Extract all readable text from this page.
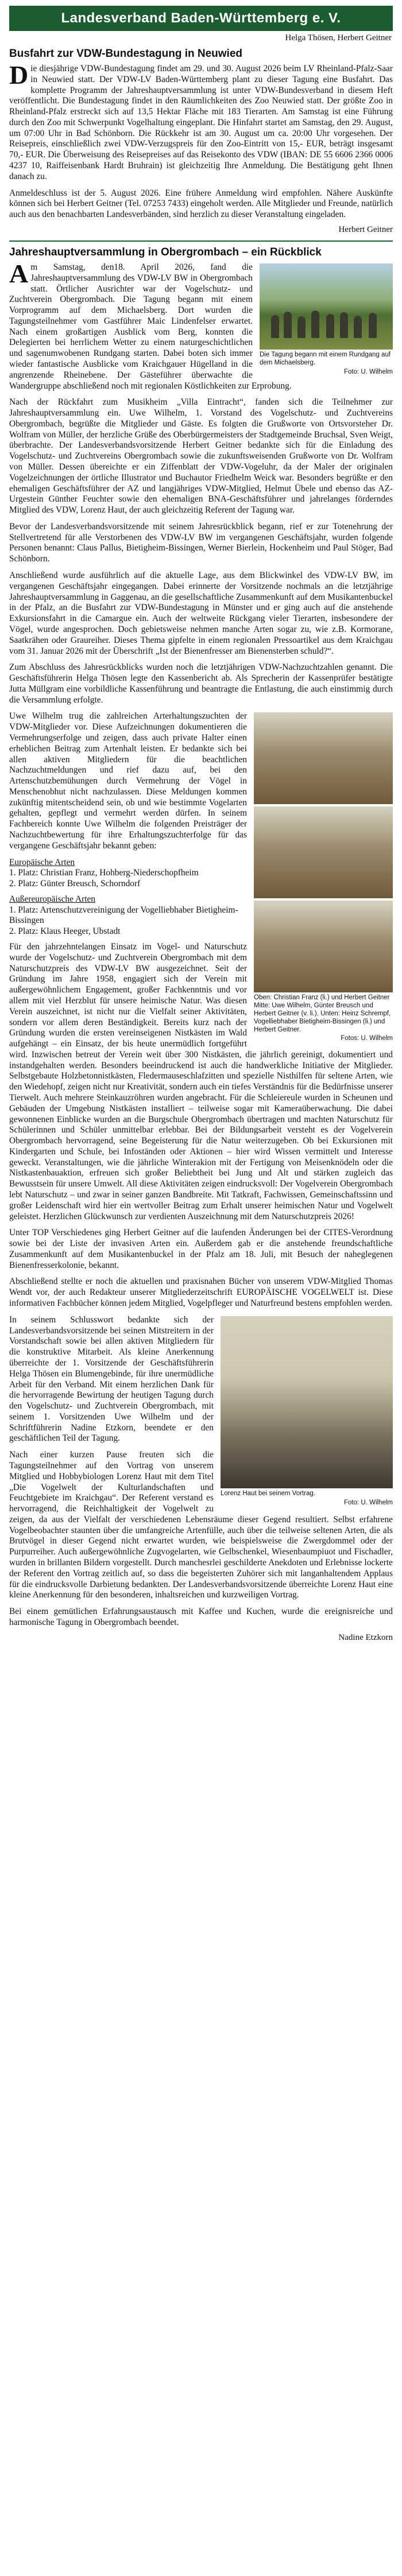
Landesverband Baden-Württemberg e. V.
Helga Thösen, Herbert Geitner
Busfahrt zur VDW-Bundestagung in Neuwied

Die diesjährige VDW-Bundestagung findet am 29. und 30. August 2026 beim LV Rheinland-Pfalz-Saar in Neuwied statt. Der VDW-LV Baden-Württemberg plant zu dieser Tagung eine Busfahrt. Das komplette Programm der Jahreshauptversammlung ist unter VDW-Bundesverband in diesem Heft veröffentlicht. Die Bundestagung findet in den Räumlichkeiten des Zoo Neuwied statt. Der größte Zoo in Rheinland-Pfalz erstreckt sich auf 13,5 Hektar Fläche mit 183 Tierarten. Am Samstag ist eine Führung durch den Zoo mit Schwerpunkt Vogelhaltung eingeplant. Die Hinfahrt startet am Samstag, den 29. August, um 07:00 Uhr in Bad Schönborn. Die Rückkehr ist am 30. August um ca. 20:00 Uhr vorgesehen. Der Reisepreis, einschließlich zwei VDW-Verzugspreis für den Zoo-Eintritt von 15,- EUR, beträgt insgesamt 70,- EUR. Die Überweisung des Reisepreises auf das Reisekonto des VDW (IBAN: DE 55 6606 2366 0006 4237 10, Raiffeisenbank Hardt Bruhrain) ist gleichzeitig Ihre Anmeldung. Die Bestätigung geht Ihnen danach zu.

Anmeldeschluss ist der 5. August 2026. Eine frühere Anmeldung wird empfohlen. Nähere Auskünfte können sich bei Herbert Geitner (Tel. 07253 7433) eingeholt werden. Alle Mitglieder und Freunde, natürlich auch aus den benachbarten Landesverbänden, sind herzlich zu dieser Veranstaltung eingeladen.

Herbert Geitner
Jahreshauptversammlung in Obergrombach – ein Rückblick
Die Tagung begann mit einem Rundgang auf dem Michaelsberg.
Foto: U. Wilhelm

Am Samstag, den18. April 2026, fand die Jahreshauptversammlung des VDW-LV BW in Obergrombach statt. Örtlicher Ausrichter war der Vogelschutz- und Zuchtverein Obergrombach. Die Tagung begann mit einem Vorprogramm auf dem Michaelsberg. Dort wurden die Tagungsteilnehmer vom Gastführer Maic Lindenfelser erwartet. Nach einem großartigen Ausblick vom Berg, konnten die Delegierten bei herrlichem Wetter zu einem naturgeschichtlichen und sagenumwobenen Rundgang starten. Dabei boten sich immer wieder fantastische Ausblicke vom Kraichgauer Hügelland in die angrenzende Rheinebene. Der Gästeführer überwachte die Wandergruppe abschließend noch mit regionalen Köstlichkeiten zur Erprobung.

Nach der Rückfahrt zum Musikheim „Villa Eintracht“, fanden sich die Teilnehmer zur Jahreshauptversammlung ein. Uwe Wilhelm, 1. Vorstand des Vogelschutz- und Zuchtvereins Obergrombach, begrüßte die Mitglieder und Gäste. Es folgten die Grußworte von Ortsvorsteher Dr. Wolfram von Müller, der herzliche Grüße des Oberbürgermeisters der Stadtgemeinde Bruchsal, Sven Weigt, überbrachte. Der Landesverbandsvorsitzende Herbert Geitner bedankte sich für die Einladung des Vogelschutz- und Zuchtvereins Obergrombach sowie die zukunftsweisenden Grußworte von Dr. Wolfram von Müller. Dessen übereichte er ein Ziffenblatt der VDW-Vogeluhr, da der Maler der originalen Vogelzeichnungen der örtliche Illustrator und Buchautor Friedhelm Weick war. Besonders begrüßte er den ehemaligen Geschäftsführer der AZ und langjähriges VDW-Mitglied, Helmut Übele und ebenso das AZ-Urgestein Günther Feuchter sowie den ehemaligen BNA-Geschäftsführer und jahrelanges förderndes Mitglied des VDW, Lorenz Haut, der auch gleichzeitig Referent der Tagung war.

Bevor der Landesverbandsvorsitzende mit seinem Jahresrückblick begann, rief er zur Totenehrung der Stellvertretend für alle Verstorbenen des VDW-LV BW im vergangenen Geschäftsjahr, wurden folgende Personen benannt: Claus Pallus, Bietigheim-Bissingen, Werner Bierlein, Hockenheim und Paul Stöger, Bad Schönborn.

Anschließend wurde ausführlich auf die aktuelle Lage, aus dem Blickwinkel des VDW-LV BW, im vergangenen Geschäftsjahr eingegangen. Dabei erinnerte der Vorsitzende nochmals an die letztjährige Jahreshauptversammlung in Gaggenau, an die gesellschaftliche Zusammenkunft auf dem Musikantenbuckel in der Pfalz, an die Busfahrt zur VDW-Bundestagung in Münster und er ging auch auf die anstehende Exkursionsfahrt in die Camargue ein. Auch der weltweite Rückgang vieler Tierarten, insbesondere der Vögel, wurde angesprochen. Doch gebietsweise nehmen manche Arten sogar zu, wie z.B. Kormorane, Saatkrähen oder Graureiher. Dieses Thema gipfelte in einem regionalen Pressoartikel aus dem Kraichgau vom 31. Januar 2026 mit der Überschrift „Ist der Bienenfresser am Bienensterben schuld?“.

Zum Abschluss des Jahresrückblicks wurden noch die letztjährigen VDW-Nachzuchtzahlen genannt. Die Geschäftsführerin Helga Thösen legte den Kassenbericht ab. Als Sprecherin der Kassenprüfer bestätigte Jutta Müllgram eine vorbildliche Kassenführung und beantragte die Entlastung, die auch einstimmig durch die Versammlung erfolgte.

Oben: Christian Franz (li.) und Herbert Geitner Mitte: Uwe Wilhelm, Günter Breusch und Herbert Geitner (v. li.). Unten: Heinz Schrempf, Vogelliebhaber Bietigheim-Bissingen (li.) und Herbert Geitner.
Fotos: U. Wilhelm

Uwe Wilhelm trug die zahlreichen Arterhaltungszuchten der VDW-Mitglieder vor. Diese Aufzeichnungen dokumentieren die Vermehrungserfolge und zeigen, dass auch private Halter einen erheblichen Beitrag zum Artenhalt leisten. Er bedankte sich bei allen aktiven Mitgliedern für die beachtlichen Nachzuchtmeldungen und rief dazu auf, bei den Artenschutzbemühungen durch Vermehrung der Vögel in Menschenobhut nicht nachzulassen. Diese Meldungen kommen zukünftig mitentscheidend sein, ob und wie bestimmte Vogelarten gehalten, gepflegt und vermehrt werden dürfen. In seinem Fachbereich konnte Uwe Wilhelm die folgenden Preisträger der Nachzuchtbewertung für ihre Erhaltungszuchterfolge für das vergangene Geschäftsjahr bekannt geben:

Europäische Arten

1. Platz: Christian Franz, Hohberg-Niederschopfheim
2. Platz: Günter Breusch, Schorndorf

Außereuropäische Arten

1. Platz: Artenschutzvereinigung der Vogelliebhaber Bietigheim-Bissingen
2. Platz: Klaus Heeger, Ubstadt

Für den jahrzehntelangen Einsatz im Vogel- und Naturschutz wurde der Vogelschutz- und Zuchtverein Obergrombach mit dem Naturschutzpreis des VDW-LV BW ausgezeichnet. Seit der Gründung im Jahre 1958, engagiert sich der Verein mit außergewöhnlichem Engagement, großer Fachkenntnis und vor allem mit viel Herzblut für unsere heimische Natur. Was diesen Verein auszeichnet, ist nicht nur die Vielfalt seiner Aktivitäten, sondern vor allem deren Beständigkeit. Bereits kurz nach der Gründung wurden die ersten vereinseigenen Nistkästen im Wald aufgehängt – ein Einsatz, der bis heute unermüdlich fortgeführt wird. Inzwischen betreut der Verein weit über 300 Nistkästen, die jährlich gereinigt, dokumentiert und instandgehalten werden. Besonders beeindruckend ist auch die handwerkliche Initiative der Mitglieder. Selbstgebaute Holzbetonnistkästen, Fledermauseschlafzitten und spezielle Nisthilfen für seltene Arten, wie den Wiedehopf, zeigen nicht nur Kreativität, sondern auch ein tiefes Verständnis für die Bedürfnisse unserer Tierwelt. Auch mehrere Steinkauzröhren wurden angebracht. Für die Schleiereule wurden in Scheunen und Gebäuden der Umgebung Nistkästen installiert – teilweise sogar mit Kameraüberwachung. Die dabei gewonnenen Einblicke wurden an die Burgschule Obergrombach übertragen und machten Naturschutz für Schülerinnen und Schüler unmittelbar erlebbar. Bei der Bildungsarbeit versteht es der Vogelverein Obergrombach hervorragend, seine Begeisterung für die Natur weiterzugeben. Ob bei Exkursionen mit Kindergarten und Schule, bei Infoständen oder Aktionen – hier wird Wissen vermittelt und Interesse geweckt. Veranstaltungen, wie die jährliche Winterakion mit der Fertigung von Meisenknödeln oder die Nistkastenbauaktion, erfreuen sich großer Beliebtheit bei Jung und Alt und stärken zugleich das Bewusstsein für unsere Umwelt. All diese Aktivitäten zeigen eindrucksvoll: Der Vogelverein Obergrombach lebt Naturschutz – und zwar in seiner ganzen Bandbreite. Mit Tatkraft, Fachwissen, Gemeinschaftssinn und großer Leidenschaft wird hier ein wertvoller Beitrag zum Erhalt unserer heimischen Natur und Vogelwelt geleistet. Herzlichen Glückwunsch zur verdienten Auszeichnung mit dem Naturschutzpreis 2026!

Unter TOP Verschiedenes ging Herbert Geitner auf die laufenden Änderungen bei der CITES-Verordnung sowie bei der Liste der invasiven Arten ein. Außerdem gab er die anstehende freundschaftliche Zusammenkunft auf dem Musikantenbuckel in der Pfalz am 18. Juli, mit Besuch der naheglegenen Bienenfresserkolonie, bekannt.

Abschließend stellte er noch die aktuellen und praxisnahen Bücher von unserem VDW-Mitglied Thomas Wendt vor, der auch Redakteur unserer Mitgliederzeitschrift EUROPÄISCHE VOGELWELT ist. Diese informativen Fachbücher können jedem Mitglied, Vogelpfleger und Naturfreund bestens empfohlen werden.

Lorenz Haut bei seinem Vortrag.
Foto: U. Wilhelm

In seinem Schlusswort bedankte sich der Landesverbandsvorsitzende bei seinen Mitstreitern in der Vorstandschaft sowie bei allen aktiven Mitgliedern für die konstruktive Mitarbeit. Als kleine Anerkennung überreichte der 1. Vorsitzende der Geschäftsführerin Helga Thösen ein Blumengebinde, für ihre unermüdliche Arbeit für den Verband. Mit einem herzlichen Dank für die hervorragende Bewirtung der heutigen Tagung durch den Vogelschutz- und Zuchtverein Obergrombach, mit seinem 1. Vorsitzenden Uwe Wilhelm und der Schriftführerin Nadine Etzkorn, beendete er den geschäftlichen Teil der Tagung.

Nach einer kurzen Pause freuten sich die Tagungsteilnehmer auf den Vortrag von unserem Mitglied und Hobbybiologen Lorenz Haut mit dem Titel „Die Vogelwelt der Kulturlandschaften und Feuchtgebiete im Kraichgau“. Der Referent verstand es hervorragend, die Reichhaltigkeit der Vogelwelt zu zeigen, da aus der Vielfalt der verschiedenen Lebensräume dieser Gegend resultiert. Selbst erfahrene Vogelbeobachter staunten über die umfangreiche Artenfülle, auch über die teilweise seltenen Arten, die als Brutvögel in dieser Gegend nicht erwartet wurden, wie beispielsweise die Zwergdommel oder der Purpurreiher. Auch außergewöhnliche Zugvogelarten, wie Gelbschenkel, Wiesenbaumpiuot und Fischadler, wurden in brillanten Bildern vorgestellt. Durch manchesrlei geschilderte Anekdoten und Erlebnisse lockerte der Referent den Vortrag zeitlich auf, so dass die begeisterten Zuhörer sich mit langanhaltendem Applaus für die eindrucksvolle Darbietung bedankten. Der Landesverbandsvorsitzende überreichte Lorenz Haut eine kleine Anerkennung für den besonderen, inhaltsreichen und kurzweiligen Vortrag.

Bei einem gemütlichen Erfahrungsaustausch mit Kaffee und Kuchen, wurde die ereignisreiche und harmonische Tagung in Obergrombach beendet.

Nadine Etzkorn
